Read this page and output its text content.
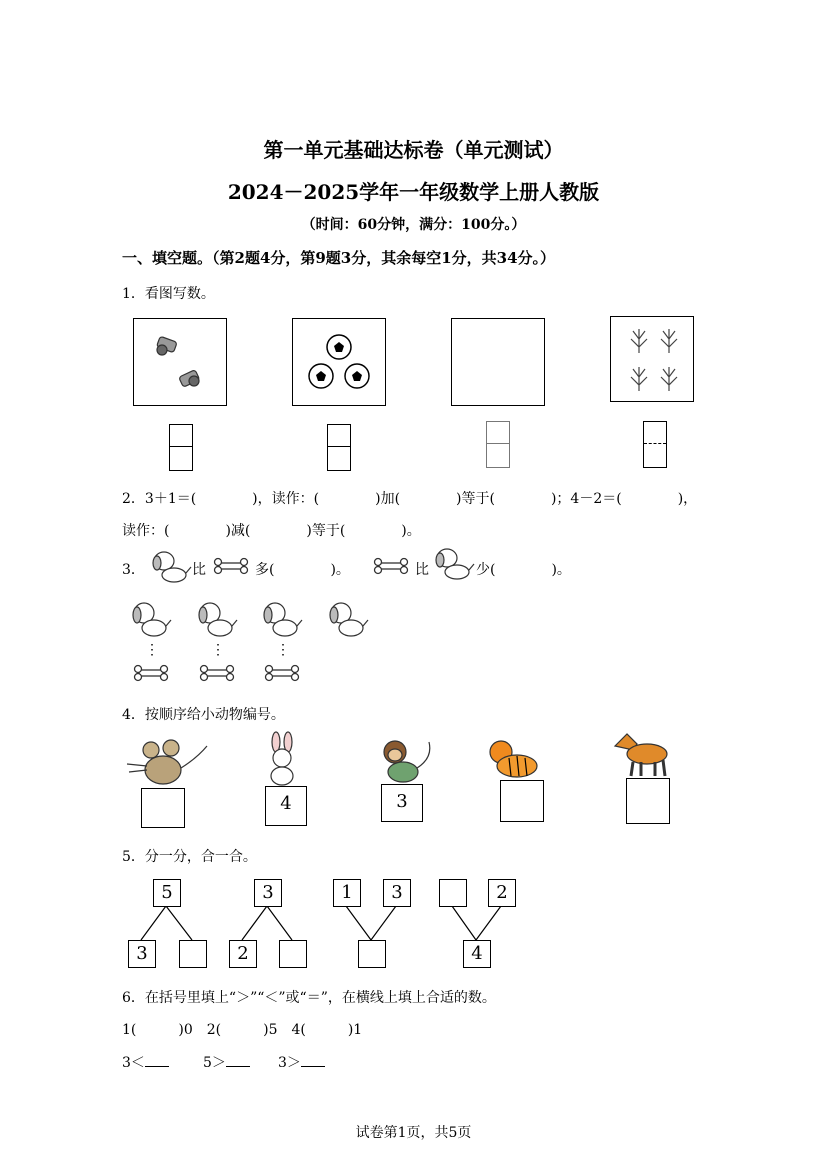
第一单元基础达标卷（单元测试）
2024－2025学年一年级数学上册人教版
（时间：60分钟，满分：100分。）
一、填空题。（第2题4分，第9题3分，其余每空1分，共34分。）
1．看图写数。
2．3＋1＝(　　　　)，读作：(　　　　)加(　　　　)等于(　　　　)；4－2＝(　　　　)，
读作：(　　　　)减(　　　　)等于(　　　　)。
3．	比	多(　　　　)。	比	少(　　　　)。
⋮	⋮	⋮
4．按顺序给小动物编号。
4	3
5．分一分，合一合。
5
3
3
2
1	3	2
4
6．在括号里填上“＞”“＜”或“＝”，在横线上填上合适的数。
1(　　　)0　2(　　　)5　4(　　　)1
3＜	5＞	3＞
试卷第1页，共5页
